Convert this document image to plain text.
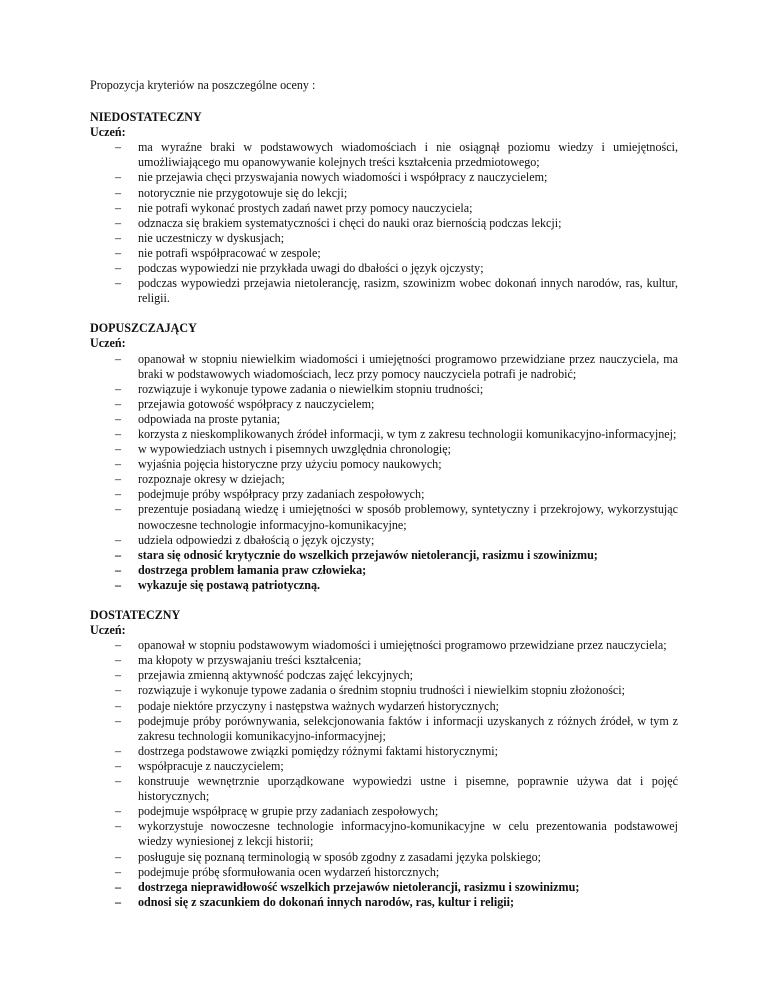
Propozycja kryteriów na poszczególne oceny :

NIEDOSTATECZNY

Uczeń:

– ma wyraźne braki w podstawowych wiadomościach i nie osiągnął poziomu wiedzy i umiejętności, umożliwiającego mu opanowywanie kolejnych treści kształcenia przedmiotowego;
– nie przejawia chęci przyswajania nowych wiadomości i współpracy z nauczycielem;
– notorycznie nie przygotowuje się do lekcji;
– nie potrafi wykonać prostych zadań nawet przy pomocy nauczyciela;
– odznacza się brakiem systematyczności i chęci do nauki oraz biernością podczas lekcji;
– nie uczestniczy w dyskusjach;
– nie potrafi współpracować w zespole;
– podczas wypowiedzi nie przykłada uwagi do dbałości o język ojczysty;
– podczas wypowiedzi przejawia nietolerancję, rasizm, szowinizm wobec dokonań innych narodów, ras, kultur, religii.

DOPUSZCZAJĄCY

Uczeń:

– opanował w stopniu niewielkim wiadomości i umiejętności programowo przewidziane przez nauczyciela, ma braki w podstawowych wiadomościach, lecz przy pomocy nauczyciela potrafi je nadrobić;
– rozwiązuje i wykonuje typowe zadania o niewielkim stopniu trudności;
– przejawia gotowość współpracy z nauczycielem;
– odpowiada na proste pytania;
– korzysta z nieskomplikowanych źródeł informacji, w tym z zakresu technologii komunikacyjno-informacyjnej;
– w wypowiedziach ustnych i pisemnych uwzględnia chronologię;
– wyjaśnia pojęcia historyczne przy użyciu pomocy naukowych;
– rozpoznaje okresy w dziejach;
– podejmuje próby współpracy przy zadaniach zespołowych;
– prezentuje posiadaną wiedzę i umiejętności w sposób problemowy, syntetyczny i przekrojowy, wykorzystując nowoczesne technologie informacyjno-komunikacyjne;
– udziela odpowiedzi z dbałością o język ojczysty;
– stara się odnosić krytycznie do wszelkich przejawów nietolerancji, rasizmu i szowinizmu;
– dostrzega problem łamania praw człowieka;
– wykazuje się postawą patriotyczną.

DOSTATECZNY

Uczeń:

– opanował w stopniu podstawowym wiadomości i umiejętności programowo przewidziane przez nauczyciela;
– ma kłopoty w przyswajaniu treści kształcenia;
– przejawia zmienną aktywność podczas zajęć lekcyjnych;
– rozwiązuje i wykonuje typowe zadania o średnim stopniu trudności i niewielkim stopniu złożoności;
– podaje niektóre przyczyny i następstwa ważnych wydarzeń historycznych;
– podejmuje próby porównywania, selekcjonowania faktów i informacji uzyskanych z różnych źródeł, w tym z zakresu technologii komunikacyjno-informacyjnej;
– dostrzega podstawowe związki pomiędzy różnymi faktami historycznymi;
– współpracuje z nauczycielem;
– konstruuje wewnętrznie uporządkowane wypowiedzi ustne i pisemne, poprawnie używa dat i pojęć historycznych;
– podejmuje współpracę w grupie przy zadaniach zespołowych;
– wykorzystuje nowoczesne technologie informacyjno-komunikacyjne w celu prezentowania podstawowej wiedzy wyniesionej z lekcji historii;
– posługuje się poznaną terminologią w sposób zgodny z zasadami języka polskiego;
– podejmuje próbę sformułowania ocen wydarzeń historcznych;
– dostrzega nieprawidłowość wszelkich przejawów nietolerancji, rasizmu i szowinizmu;
– odnosi się z szacunkiem do dokonań innych narodów, ras, kultur i religii;
